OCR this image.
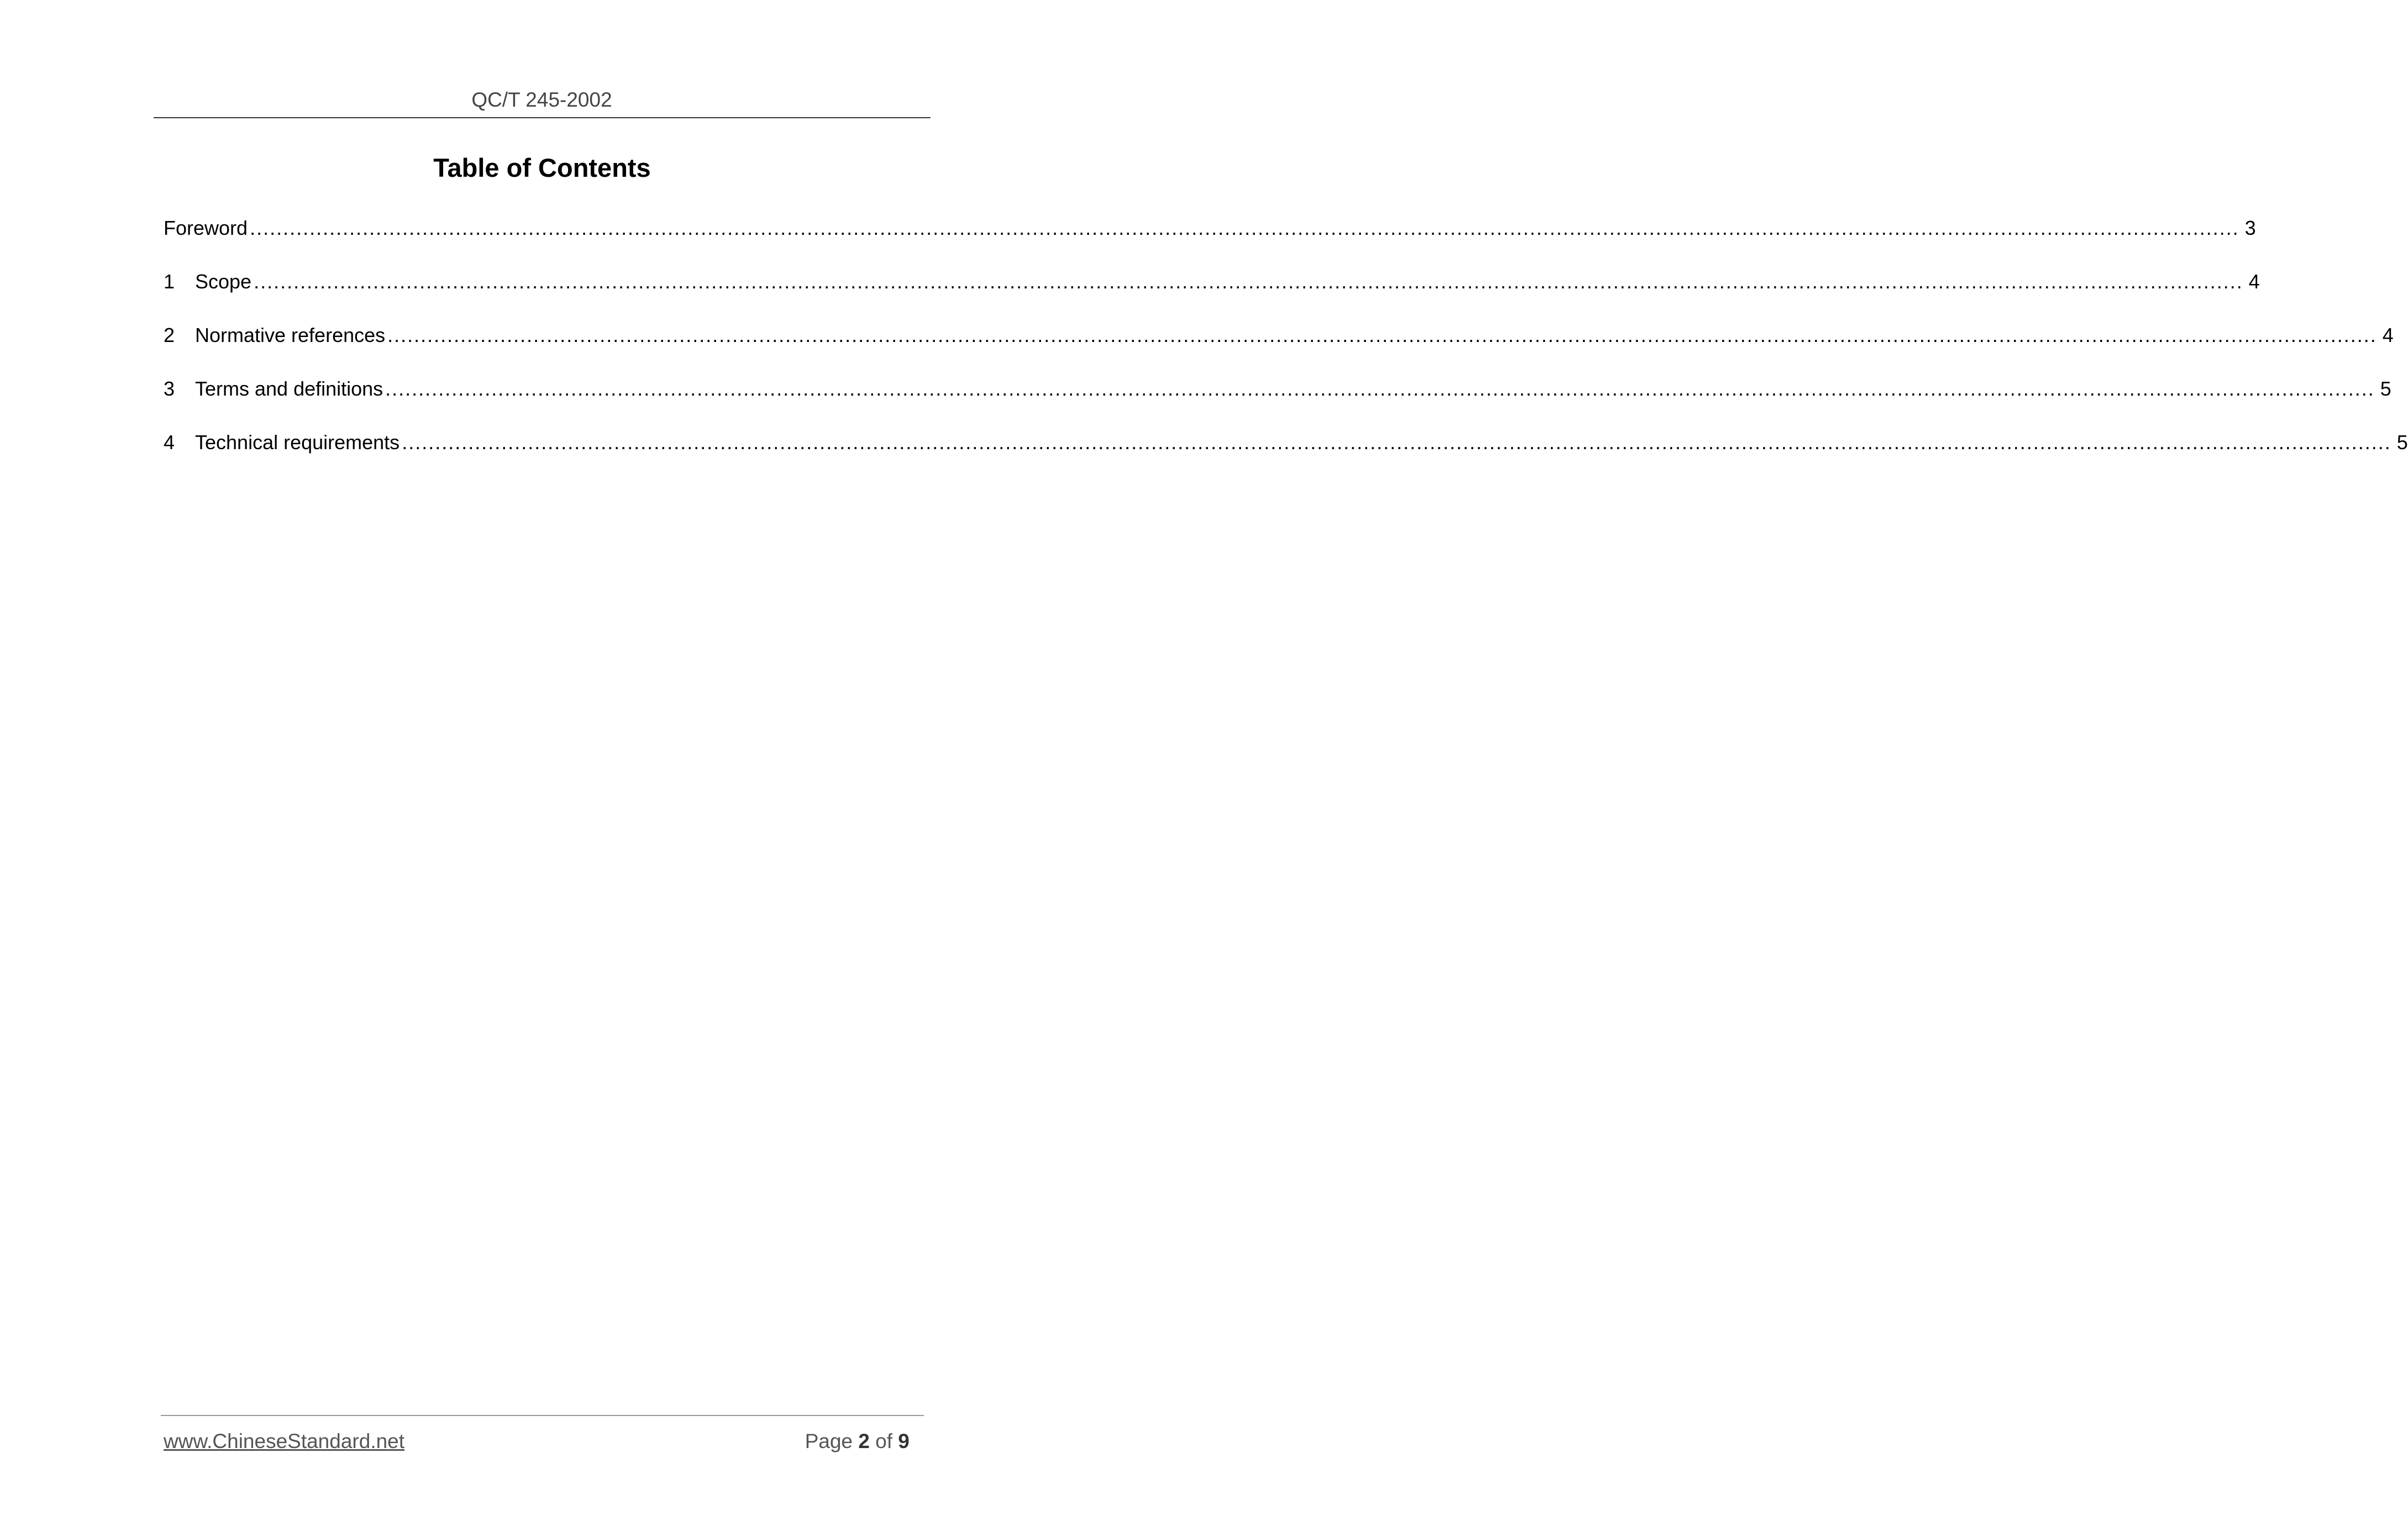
QC/T 245-2002
Table of Contents
Foreword ............................................................................................................................................................................................................................................................................................................ 3
1	Scope ............................................................................................................................................................................................................................................................................................................ 4
2	Normative references ............................................................................................................................................................................................................................................................................................................ 4
3	Terms and definitions ............................................................................................................................................................................................................................................................................................................ 5
4	Technical requirements ............................................................................................................................................................................................................................................................................................................ 5
www.ChineseStandard.net	Page 2 of 9
